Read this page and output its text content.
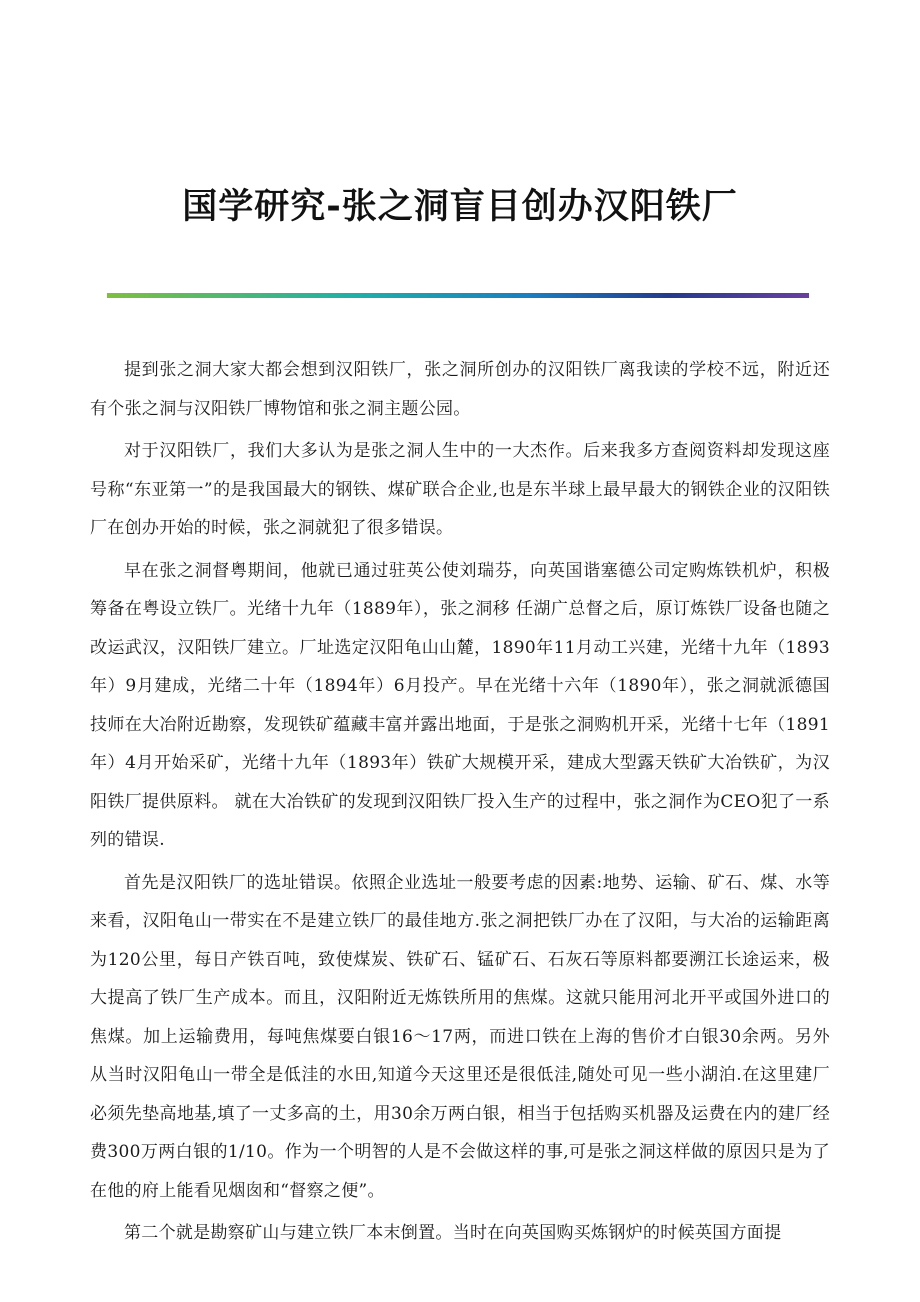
国学研究-张之洞盲目创办汉阳铁厂

提到张之洞大家大都会想到汉阳铁厂，张之洞所创办的汉阳铁厂离我读的学校不远，附近还有个张之洞与汉阳铁厂博物馆和张之洞主题公园。

对于汉阳铁厂，我们大多认为是张之洞人生中的一大杰作。后来我多方查阅资料却发现这座号称“东亚第一”的是我国最大的钢铁、煤矿联合企业,也是东半球上最早最大的钢铁企业的汉阳铁厂在创办开始的时候，张之洞就犯了很多错误。

早在张之洞督粤期间，他就已通过驻英公使刘瑞芬，向英国谐塞德公司定购炼铁机炉，积极筹备在粤设立铁厂。光绪十九年（1889年），张之洞移 任湖广总督之后，原订炼铁厂设备也随之改运武汉，汉阳铁厂建立。厂址选定汉阳龟山山麓，1890年11月动工兴建，光绪十九年（1893年）9月建成，光绪二十年（1894年）6月投产。早在光绪十六年（1890年），张之洞就派德国技师在大冶附近勘察，发现铁矿蕴藏丰富并露出地面，于是张之洞购机开采，光绪十七年（1891年）4月开始采矿，光绪十九年（1893年）铁矿大规模开采，建成大型露天铁矿大冶铁矿，为汉阳铁厂提供原料。 就在大冶铁矿的发现到汉阳铁厂投入生产的过程中，张之洞作为CEO犯了一系列的错误.

首先是汉阳铁厂的选址错误。依照企业选址一般要考虑的因素:地势、运输、矿石、煤、水等来看，汉阳龟山一带实在不是建立铁厂的最佳地方.张之洞把铁厂办在了汉阳，与大冶的运输距离为120公里，每日产铁百吨，致使煤炭、铁矿石、锰矿石、石灰石等原料都要溯江长途运来，极大提高了铁厂生产成本。而且，汉阳附近无炼铁所用的焦煤。这就只能用河北开平或国外进口的焦煤。加上运输费用，每吨焦煤要白银16～17两，而进口铁在上海的售价才白银30余两。另外从当时汉阳龟山一带全是低洼的水田,知道今天这里还是很低洼,随处可见一些小湖泊.在这里建厂必须先垫高地基,填了一丈多高的土，用30余万两白银，相当于包括购买机器及运费在内的建厂经费300万两白银的1/10。作为一个明智的人是不会做这样的事,可是张之洞这样做的原因只是为了在他的府上能看见烟囱和“督察之便”。

第二个就是勘察矿山与建立铁厂本末倒置。当时在向英国购买炼钢炉的时候英国方面提
